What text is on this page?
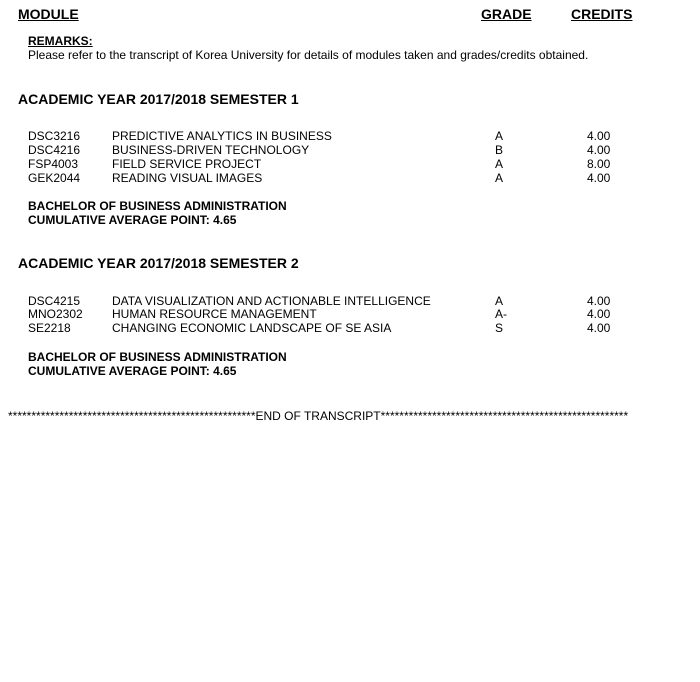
MODULE	GRADE	CREDITS
REMARKS:
Please refer to the transcript of Korea University for details of modules taken and grades/credits obtained.
ACADEMIC YEAR 2017/2018 SEMESTER 1
DSC3216	PREDICTIVE ANALYTICS IN BUSINESS	A	4.00
DSC4216	BUSINESS-DRIVEN TECHNOLOGY	B	4.00
FSP4003	FIELD SERVICE PROJECT	A	8.00
GEK2044	READING VISUAL IMAGES	A	4.00
BACHELOR OF BUSINESS ADMINISTRATION
CUMULATIVE AVERAGE POINT: 4.65
ACADEMIC YEAR 2017/2018 SEMESTER 2
DSC4215	DATA VISUALIZATION AND ACTIONABLE INTELLIGENCE	A	4.00
MNO2302 HUMAN RESOURCE MANAGEMENT	A-	4.00
SE2218	CHANGING ECONOMIC LANDSCAPE OF SE ASIA	S	4.00
BACHELOR OF BUSINESS ADMINISTRATION
CUMULATIVE AVERAGE POINT: 4.65
*****************************************************END OF TRANSCRIPT*****************************************************
